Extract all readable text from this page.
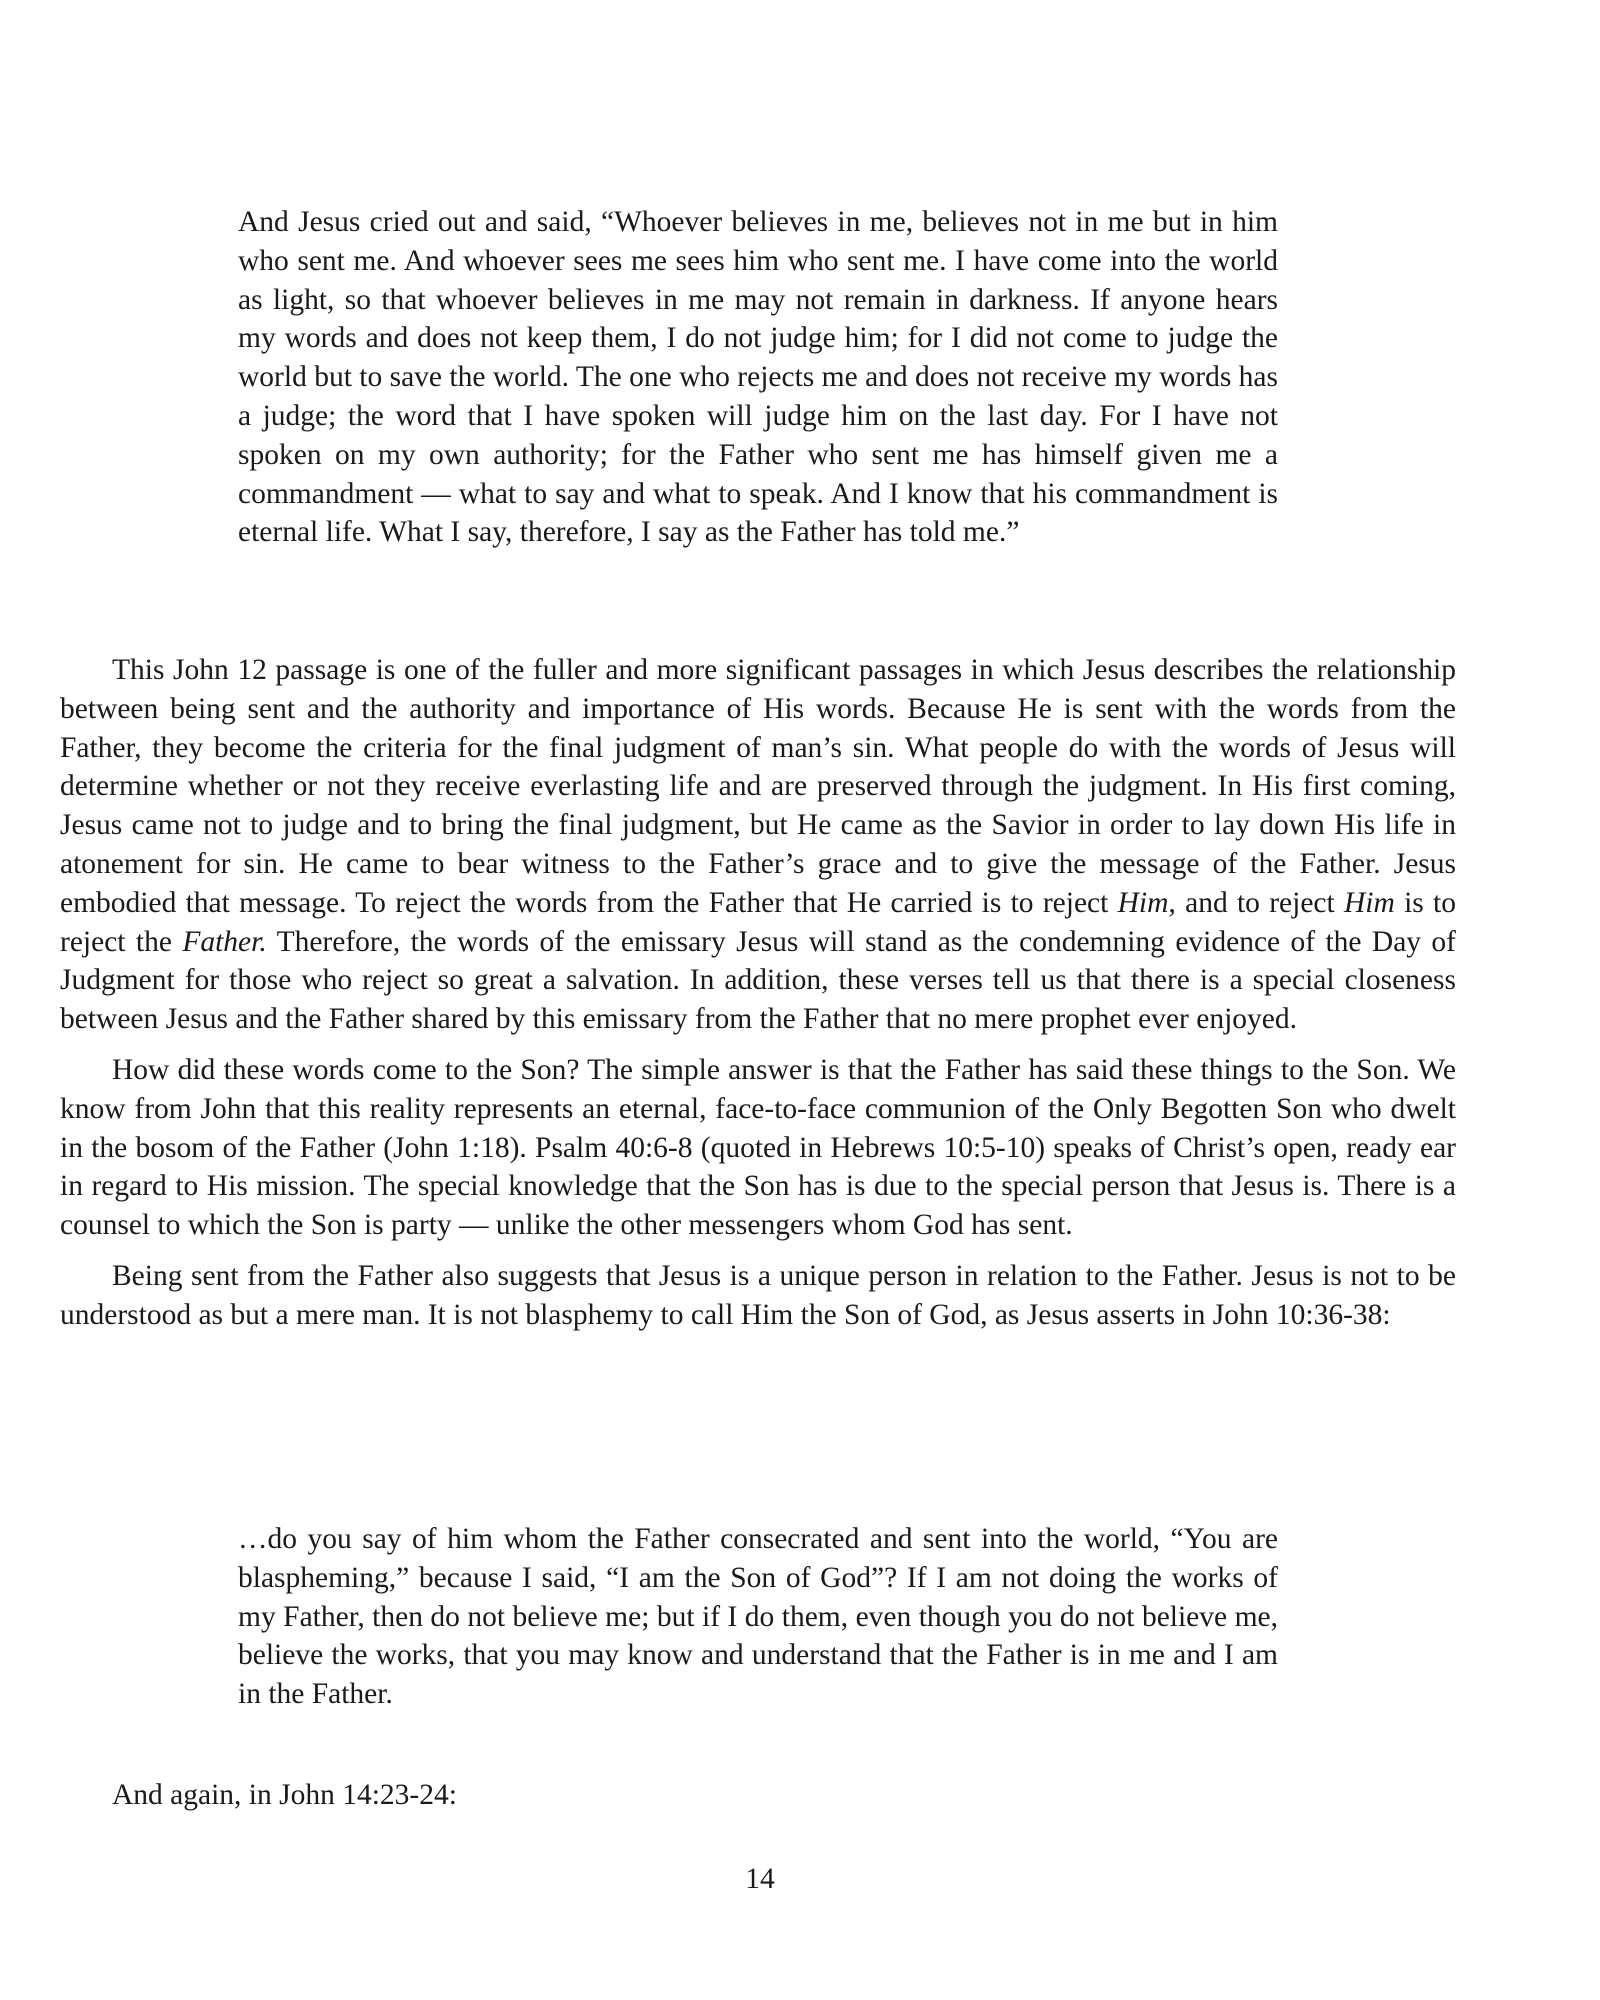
And Jesus cried out and said, “Whoever believes in me, believes not in me but in him who sent me. And whoever sees me sees him who sent me. I have come into the world as light, so that whoever believes in me may not remain in darkness. If anyone hears my words and does not keep them, I do not judge him; for I did not come to judge the world but to save the world. The one who rejects me and does not receive my words has a judge; the word that I have spoken will judge him on the last day. For I have not spoken on my own authority; for the Father who sent me has himself given me a commandment — what to say and what to speak. And I know that his commandment is eternal life. What I say, therefore, I say as the Father has told me.”

This John 12 passage is one of the fuller and more significant passages in which Jesus describes the relationship between being sent and the authority and importance of His words. Because He is sent with the words from the Father, they become the criteria for the final judgment of man’s sin. What people do with the words of Jesus will determine whether or not they receive everlasting life and are preserved through the judgment. In His first coming, Jesus came not to judge and to bring the final judgment, but He came as the Savior in order to lay down His life in atonement for sin. He came to bear witness to the Father’s grace and to give the message of the Father. Jesus embodied that message. To reject the words from the Father that He carried is to reject Him, and to reject Him is to reject the Father. Therefore, the words of the emissary Jesus will stand as the condemning evidence of the Day of Judgment for those who reject so great a salvation. In addition, these verses tell us that there is a special closeness between Jesus and the Father shared by this emissary from the Father that no mere prophet ever enjoyed.

How did these words come to the Son? The simple answer is that the Father has said these things to the Son. We know from John that this reality represents an eternal, face-to-face communion of the Only Begotten Son who dwelt in the bosom of the Father (John 1:18). Psalm 40:6-8 (quoted in Hebrews 10:5-10) speaks of Christ’s open, ready ear in regard to His mission. The special knowledge that the Son has is due to the special person that Jesus is. There is a counsel to which the Son is party — unlike the other messengers whom God has sent.

Being sent from the Father also suggests that Jesus is a unique person in relation to the Father. Jesus is not to be understood as but a mere man. It is not blasphemy to call Him the Son of God, as Jesus asserts in John 10:36-38:

…do you say of him whom the Father consecrated and sent into the world, “You are blaspheming,” because I said, “I am the Son of God”? If I am not doing the works of my Father, then do not believe me; but if I do them, even though you do not believe me, believe the works, that you may know and understand that the Father is in me and I am in the Father.

And again, in John 14:23-24:

14
